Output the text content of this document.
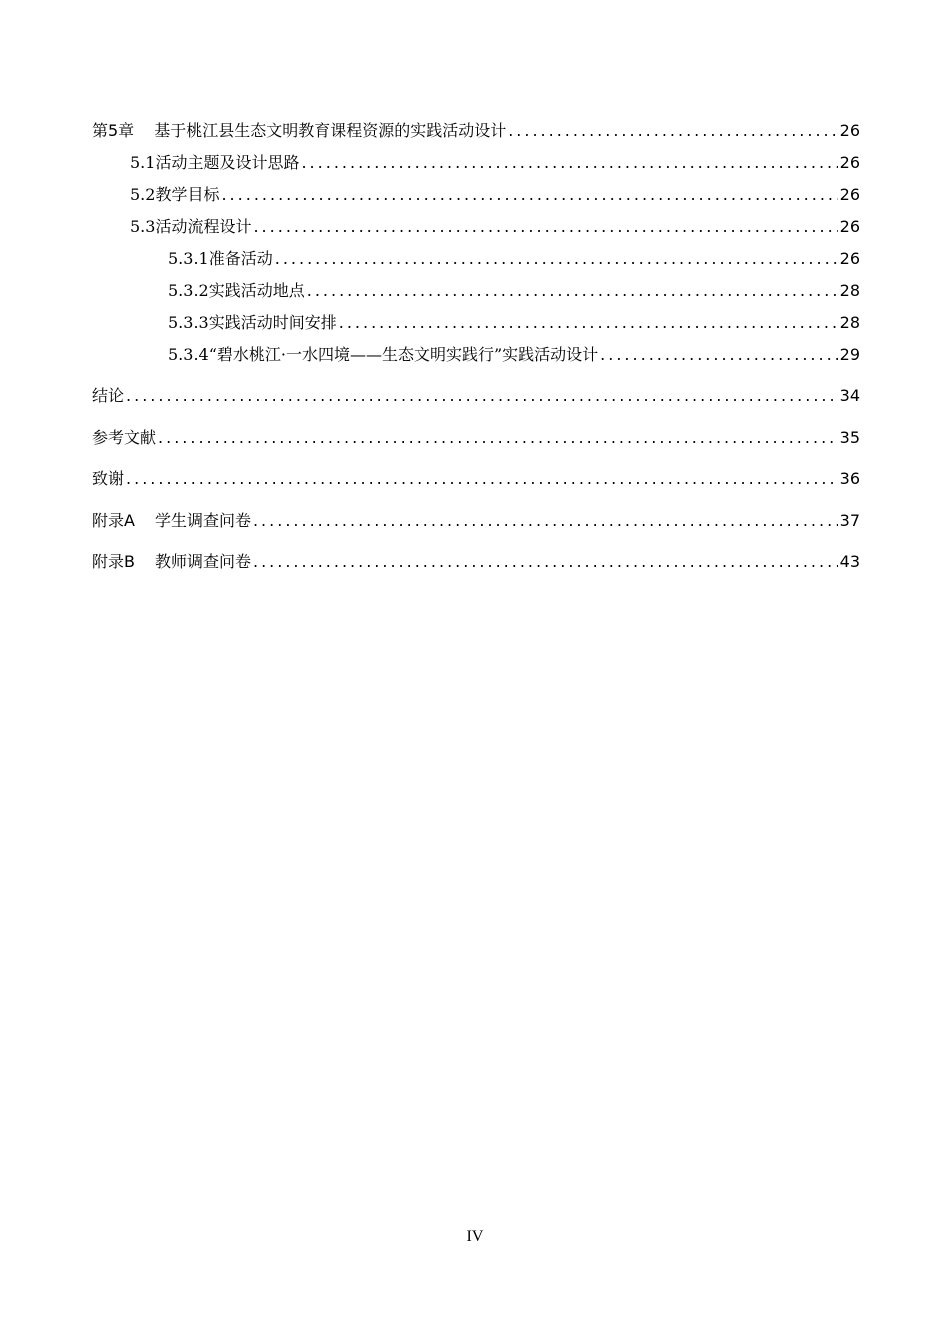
第5章 基于桃江县生态文明教育课程资源的实践活动设计 .....	26
5.1 活动主题及设计思路 .....	26
5.2 教学目标 .....	26
5.3 活动流程设计 .....	26
5.3.1 准备活动 .....	26
5.3.2 实践活动地点 .....	28
5.3.3 实践活动时间安排 .....	28
5.3.4 “碧水桃江·一水四境——生态文明实践行”实践活动设计 .....	29
结论 .....	34
参考文献 .....	35
致谢 .....	36
附录A 学生调查问卷 .....	37
附录B 教师调查问卷 .....	43
IV
